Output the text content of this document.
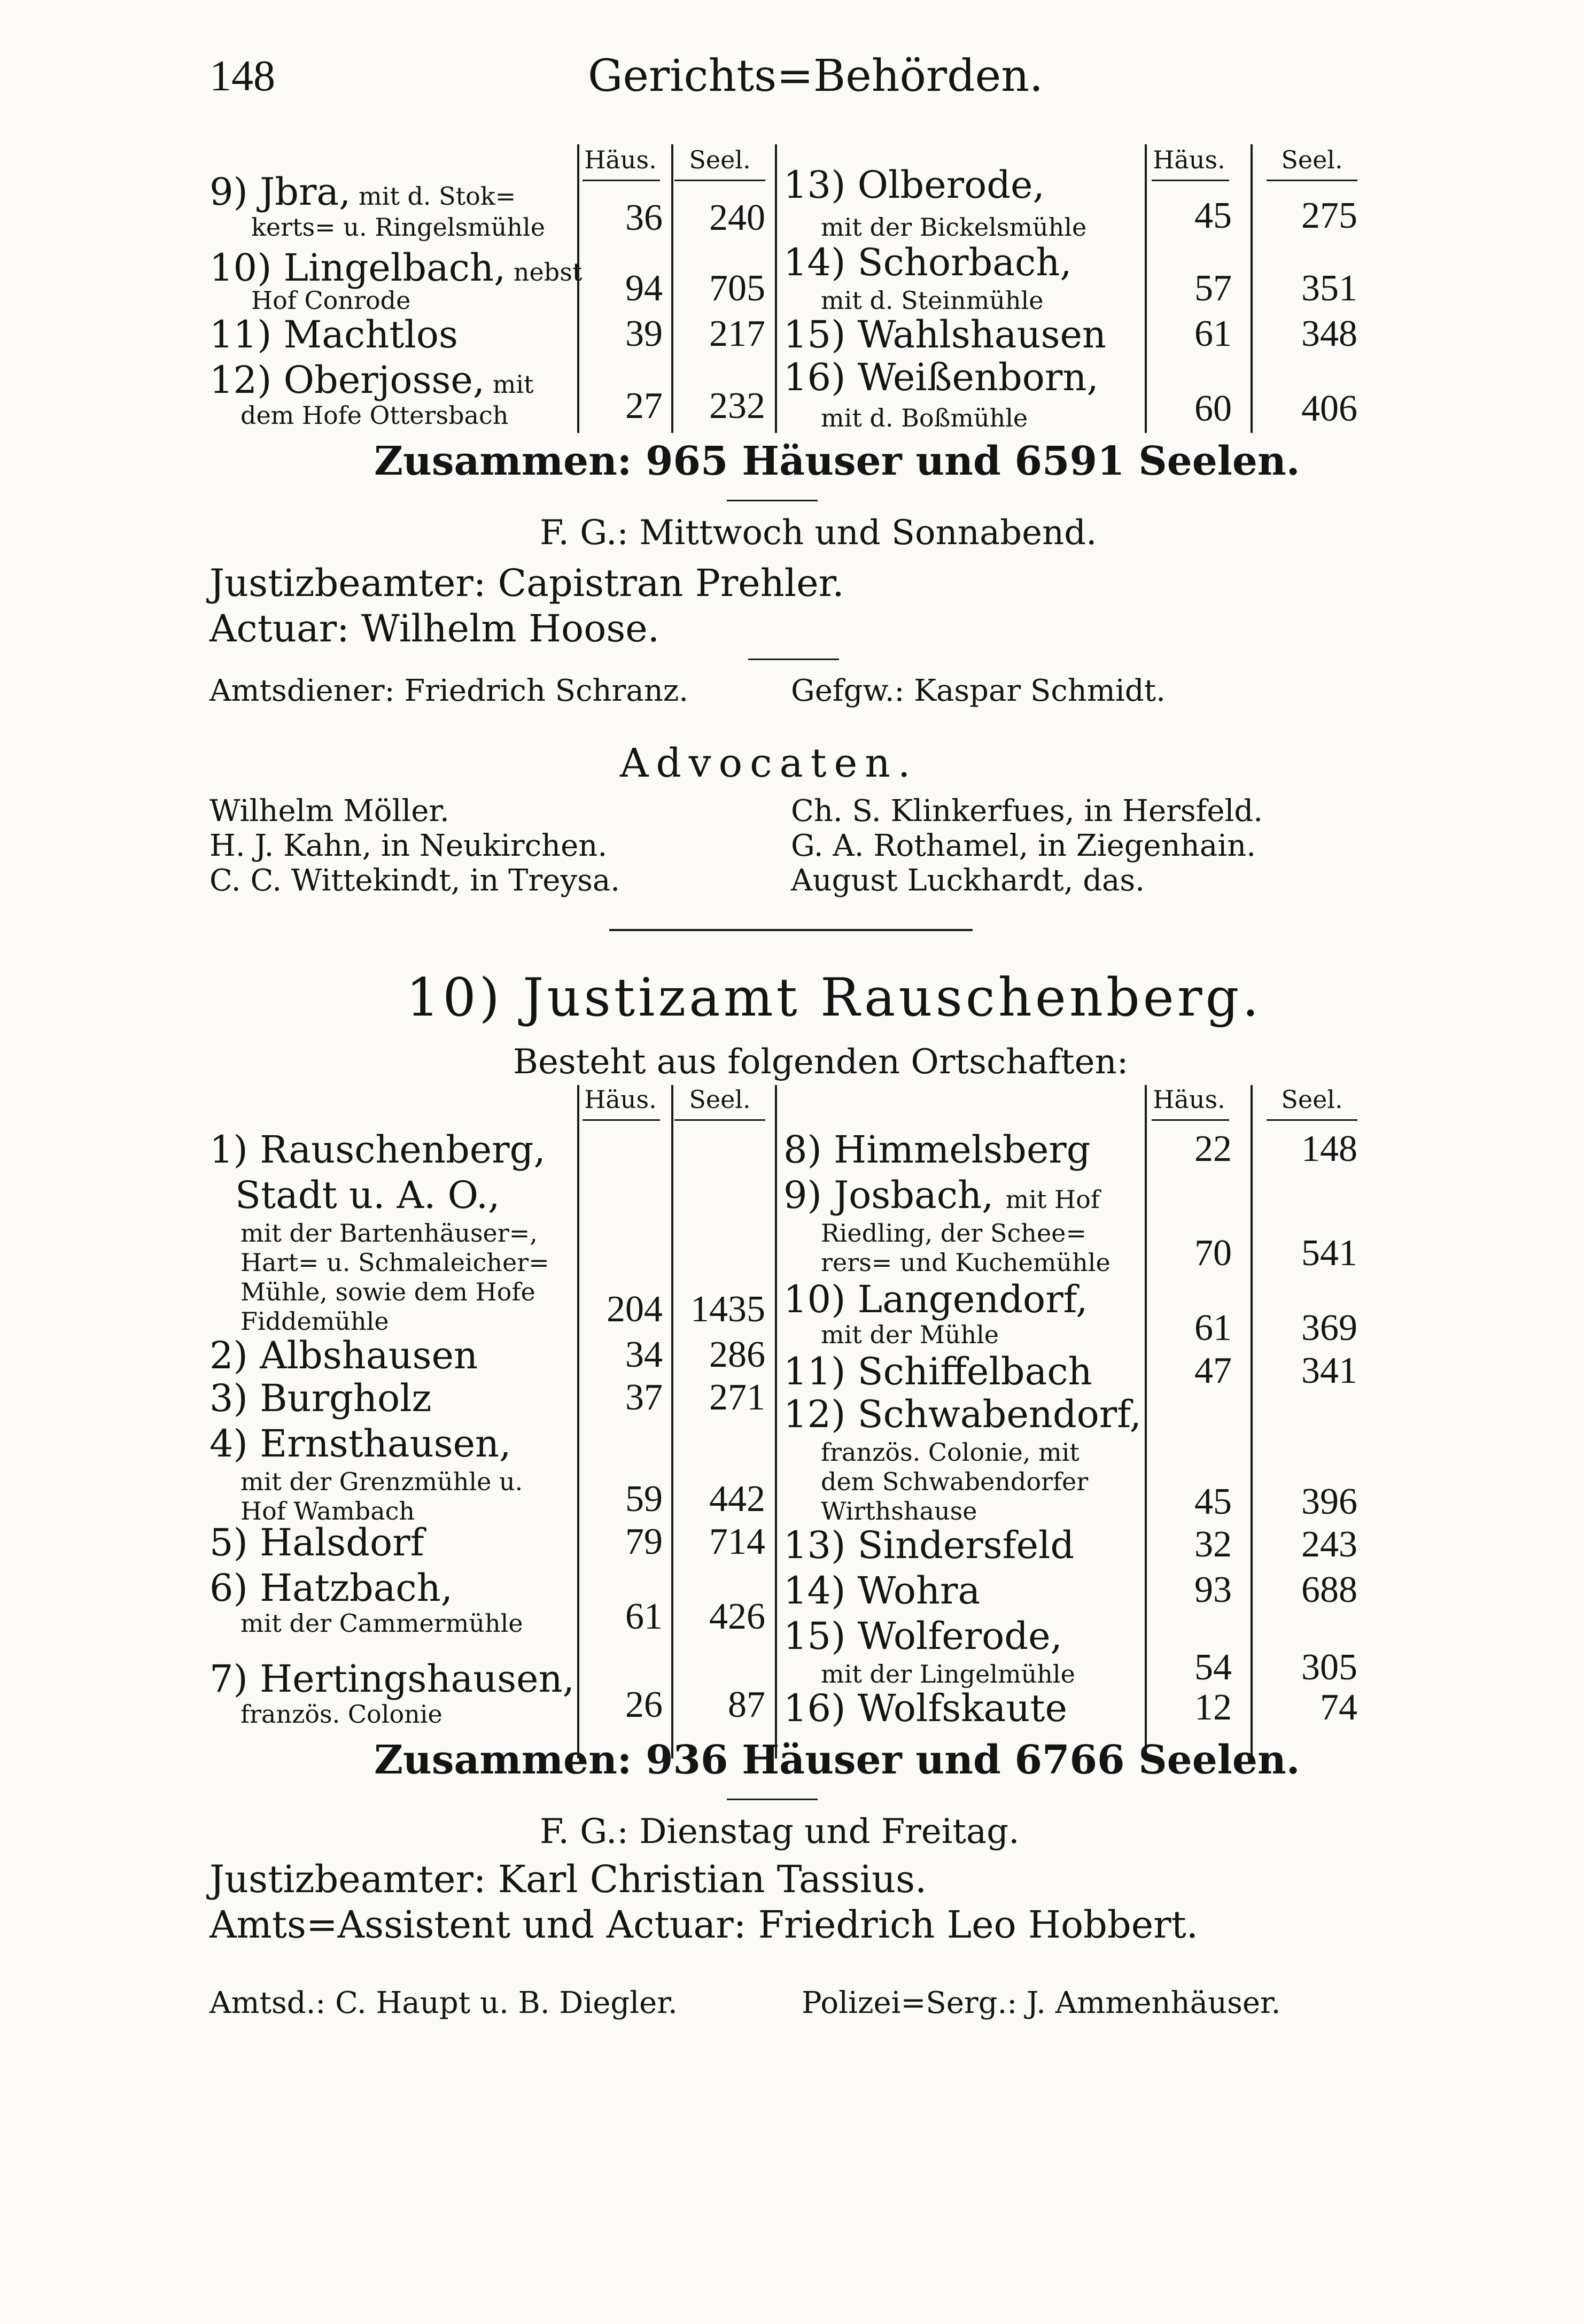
148	Gerichts=Behörden.
Häus.	Seel.	Häus.	Seel.
9) Jbra, mit d. Stok=
kerts= u. Ringelsmühle	36	240
10) Lingelbach, nebst
Hof Conrode	94	705
11) Machtlos	39	217
12) Oberjosse, mit
dem Hofe Ottersbach	27	232
13) Olberode,
mit der Bickelsmühle	45	275
14) Schorbach,
mit d. Steinmühle	57	351
15) Wahlshausen	61	348
16) Weißenborn,
mit d. Boßmühle	60	406
Zusammen: 965 Häuser und 6591 Seelen.
F. G.: Mittwoch und Sonnabend.
Justizbeamter: Capistran Prehler.
Actuar: Wilhelm Hoose.
Amtsdiener: Friedrich Schranz.	Gefgw.: Kaspar Schmidt.
Advocaten.
Wilhelm Möller.
H. J. Kahn, in Neukirchen.
C. C. Wittekindt, in Treysa.
Ch. S. Klinkerfues, in Hersfeld.
G. A. Rothamel, in Ziegenhain.
August Luckhardt, das.
10) Justizamt Rauschenberg.
Besteht aus folgenden Ortschaften:
Häus.	Seel.	Häus.	Seel.
1) Rauschenberg,
Stadt u. A. O.,
mit der Bartenhäuser=,
Hart= u. Schmaleicher=
Mühle, sowie dem Hofe
Fiddemühle	204 1435
2) Albshausen	34	286
3) Burgholz	37	271
4) Ernsthausen,
mit der Grenzmühle u.
Hof Wambach	59	442
5) Halsdorf	79	714
6) Hatzbach,
mit der Cammermühle	61	426
7) Hertingshausen,
französ. Colonie	26	87
8) Himmelsberg	22	148
9) Josbach, mit Hof
Riedling, der Schee=
rers= und Kuchemühle	70	541
10) Langendorf,
mit der Mühle	61	369
11) Schiffelbach	47	341
12) Schwabendorf,
französ. Colonie, mit
dem Schwabendorfer
Wirthshause	45	396
13) Sindersfeld	32	243
14) Wohra	93	688
15) Wolferode,
mit der Lingelmühle	54	305
16) Wolfskaute	12	74
Zusammen: 936 Häuser und 6766 Seelen.
F. G.: Dienstag und Freitag.
Justizbeamter: Karl Christian Tassius.
Amts=Assistent und Actuar: Friedrich Leo Hobbert.
Amtsd.: C. Haupt u. B. Diegler.	Polizei=Serg.: J. Ammenhäuser.
